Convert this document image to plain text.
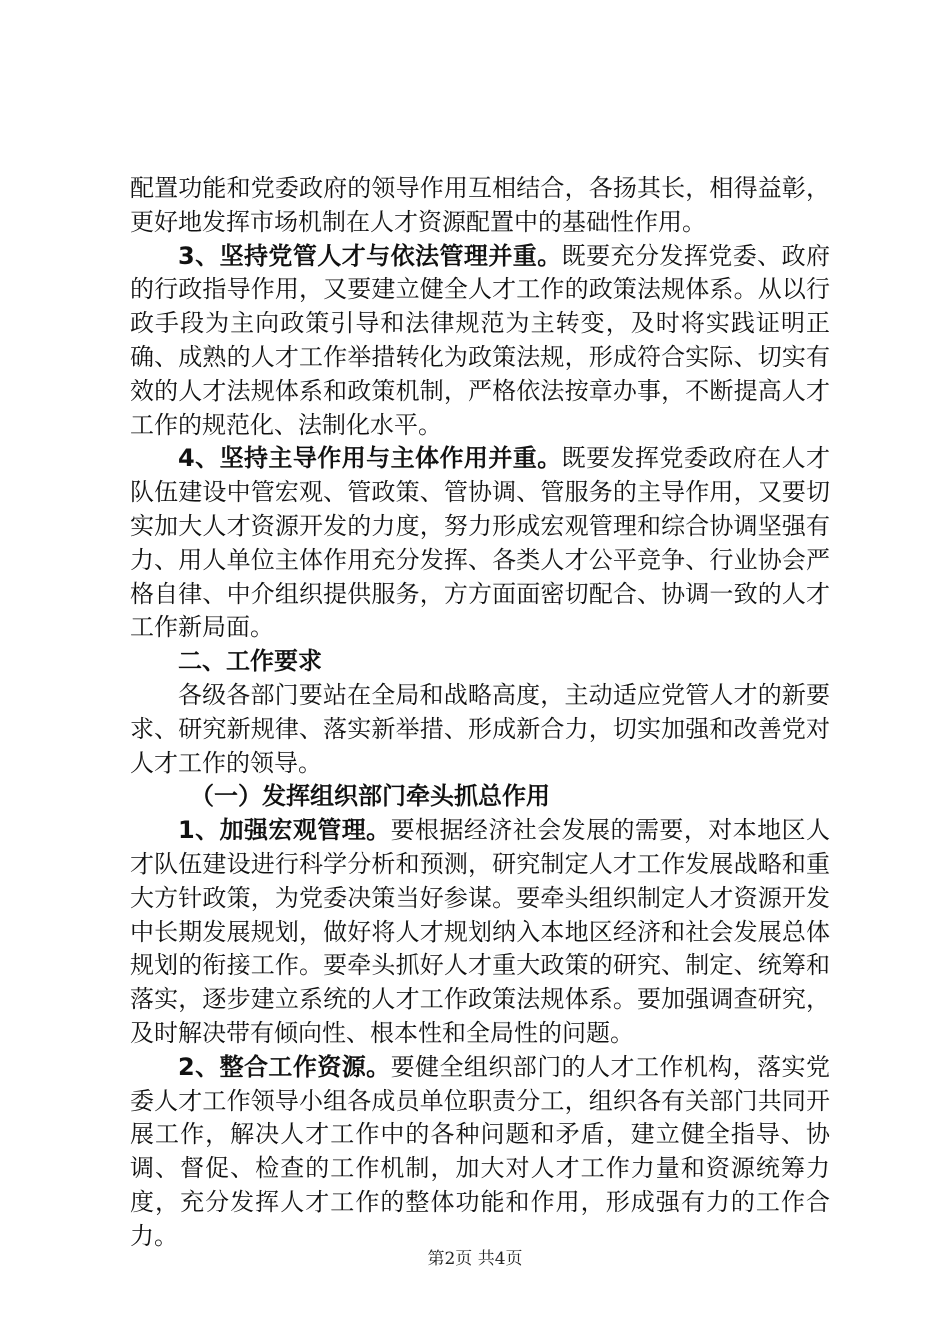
配置功能和党委政府的领导作用互相结合，各扬其长，相得益彰，更好地发挥市场机制在人才资源配置中的基础性作用。

3、坚持党管人才与依法管理并重。既要充分发挥党委、政府的行政指导作用，又要建立健全人才工作的政策法规体系。从以行政手段为主向政策引导和法律规范为主转变，及时将实践证明正确、成熟的人才工作举措转化为政策法规，形成符合实际、切实有效的人才法规体系和政策机制，严格依法按章办事，不断提高人才工作的规范化、法制化水平。

4、坚持主导作用与主体作用并重。既要发挥党委政府在人才队伍建设中管宏观、管政策、管协调、管服务的主导作用，又要切实加大人才资源开发的力度，努力形成宏观管理和综合协调坚强有力、用人单位主体作用充分发挥、各类人才公平竞争、行业协会严格自律、中介组织提供服务，方方面面密切配合、协调一致的人才工作新局面。

二、工作要求

各级各部门要站在全局和战略高度，主动适应党管人才的新要求、研究新规律、落实新举措、形成新合力，切实加强和改善党对人才工作的领导。

（一）发挥组织部门牵头抓总作用

1、加强宏观管理。要根据经济社会发展的需要，对本地区人才队伍建设进行科学分析和预测，研究制定人才工作发展战略和重大方针政策，为党委决策当好参谋。要牵头组织制定人才资源开发中长期发展规划，做好将人才规划纳入本地区经济和社会发展总体规划的衔接工作。要牵头抓好人才重大政策的研究、制定、统筹和落实，逐步建立系统的人才工作政策法规体系。要加强调查研究，及时解决带有倾向性、根本性和全局性的问题。

2、整合工作资源。要健全组织部门的人才工作机构，落实党委人才工作领导小组各成员单位职责分工，组织各有关部门共同开展工作，解决人才工作中的各种问题和矛盾，建立健全指导、协调、督促、检查的工作机制，加大对人才工作力量和资源统筹力度，充分发挥人才工作的整体功能和作用，形成强有力的工作合力。

第2页 共4页
